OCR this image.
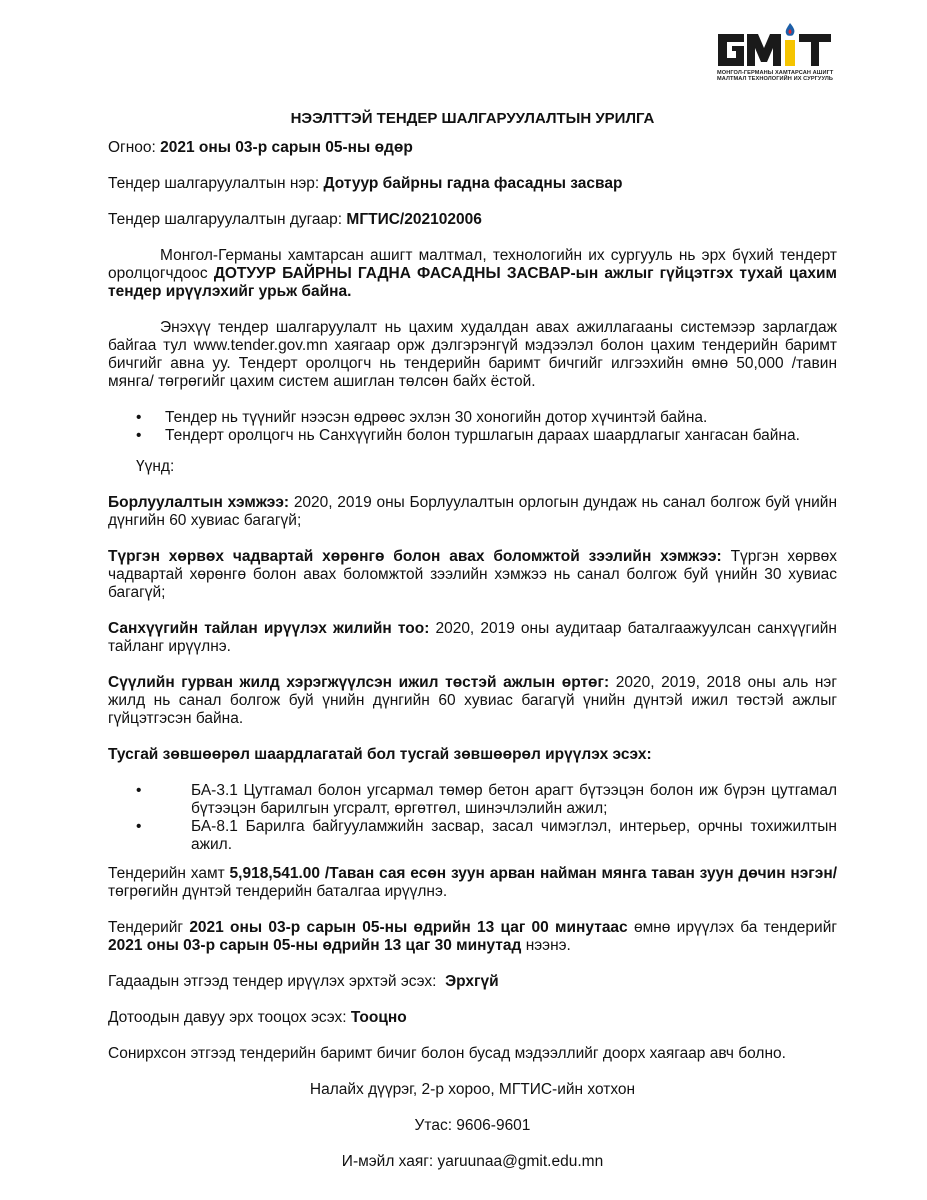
МОНГОЛ-ГЕРМАНЫ ХАМТАРСАН АШИГТ
МАЛТМАЛ ТЕХНОЛОГИЙН ИХ СУРГУУЛЬ
НЭЭЛТТЭЙ ТЕНДЕР ШАЛГАРУУЛАЛТЫН УРИЛГА

Огноо: 2021 оны 03-р сарын 05-ны өдөр

Тендер шалгаруулалтын нэр: Дотуур байрны гадна фасадны засвар

Тендер шалгаруулалтын дугаар: МГТИС/202102006

Монгол-Германы хамтарсан ашигт малтмал, технологийн их сургууль нь эрх бүхий тендерт оролцогчдоос ДОТУУР БАЙРНЫ ГАДНА ФАСАДНЫ ЗАСВАР-ын ажлыг гүйцэтгэх тухай цахим тендер ирүүлэхийг урьж байна.

Энэхүү тендер шалгаруулалт нь цахим худалдан авах ажиллагааны системээр зарлагдаж байгаа тул www.tender.gov.mn хаягаар орж дэлгэрэнгүй мэдээлэл болон цахим тендерийн баримт бичгийг авна уу. Тендерт оролцогч нь тендерийн баримт бичгийг илгээхийн өмнө 50,000 /тавин мянга/ төгрөгийг цахим систем ашиглан төлсөн байх ёстой.

• Тендер нь түүнийг нээсэн өдрөөс эхлэн 30 хоногийн дотор хүчинтэй байна.
• Тендерт оролцогч нь Санхүүгийн болон туршлагын дараах шаардлагыг хангасан байна.

Үүнд:

Борлуулалтын хэмжээ: 2020, 2019 оны Борлуулалтын орлогын дундаж нь санал болгож буй үнийн дүнгийн 60 хувиас багагүй;

Түргэн хөрвөх чадвартай хөрөнгө болон авах боломжтой зээлийн хэмжээ: Түргэн хөрвөх чадвартай хөрөнгө болон авах боломжтой зээлийн хэмжээ нь санал болгож буй үнийн 30 хувиас багагүй;

Санхүүгийн тайлан ирүүлэх жилийн тоо: 2020, 2019 оны аудитаар баталгаажуулсан санхүүгийн тайланг ирүүлнэ.

Сүүлийн гурван жилд хэрэгжүүлсэн ижил төстэй ажлын өртөг: 2020, 2019, 2018 оны аль нэг жилд нь санал болгож буй үнийн дүнгийн 60 хувиас багагүй үнийн дүнтэй ижил төстэй ажлыг гүйцэтгэсэн байна.

Тусгай зөвшөөрөл шаардлагатай бол тусгай зөвшөөрөл ирүүлэх эсэх:

• БА-3.1 Цутгамал болон угсармал төмөр бетон арагт бүтээцэн болон иж бүрэн цутгамал бүтээцэн барилгын угсралт, өргөтгөл, шинэчлэлийн ажил;
• БА-8.1 Барилга байгууламжийн засвар, засал чимэглэл, интерьер, орчны тохижилтын ажил.

Тендерийн хамт 5,918,541.00 /Таван сая есөн зуун арван найман мянга таван зуун дөчин нэгэн/ төгрөгийн дүнтэй тендерийн баталгаа ирүүлнэ.

Тендерийг 2021 оны 03-р сарын 05-ны өдрийн 13 цаг 00 минутаас өмнө ирүүлэх ба тендерийг 2021 оны 03-р сарын 05-ны өдрийн 13 цаг 30 минутад нээнэ.

Гадаадын этгээд тендер ирүүлэх эрхтэй эсэх: Эрхгүй

Дотоодын давуу эрх тооцох эсэх: Тооцно

Сонирхсон этгээд тендерийн баримт бичиг болон бусад мэдээллийг доорх хаягаар авч болно.

Налайх дүүрэг, 2-р хороо, МГТИС-ийн хотхон

Утас: 9606-9601

И-мэйл хаяг: yaruunaa@gmit.edu.mn
